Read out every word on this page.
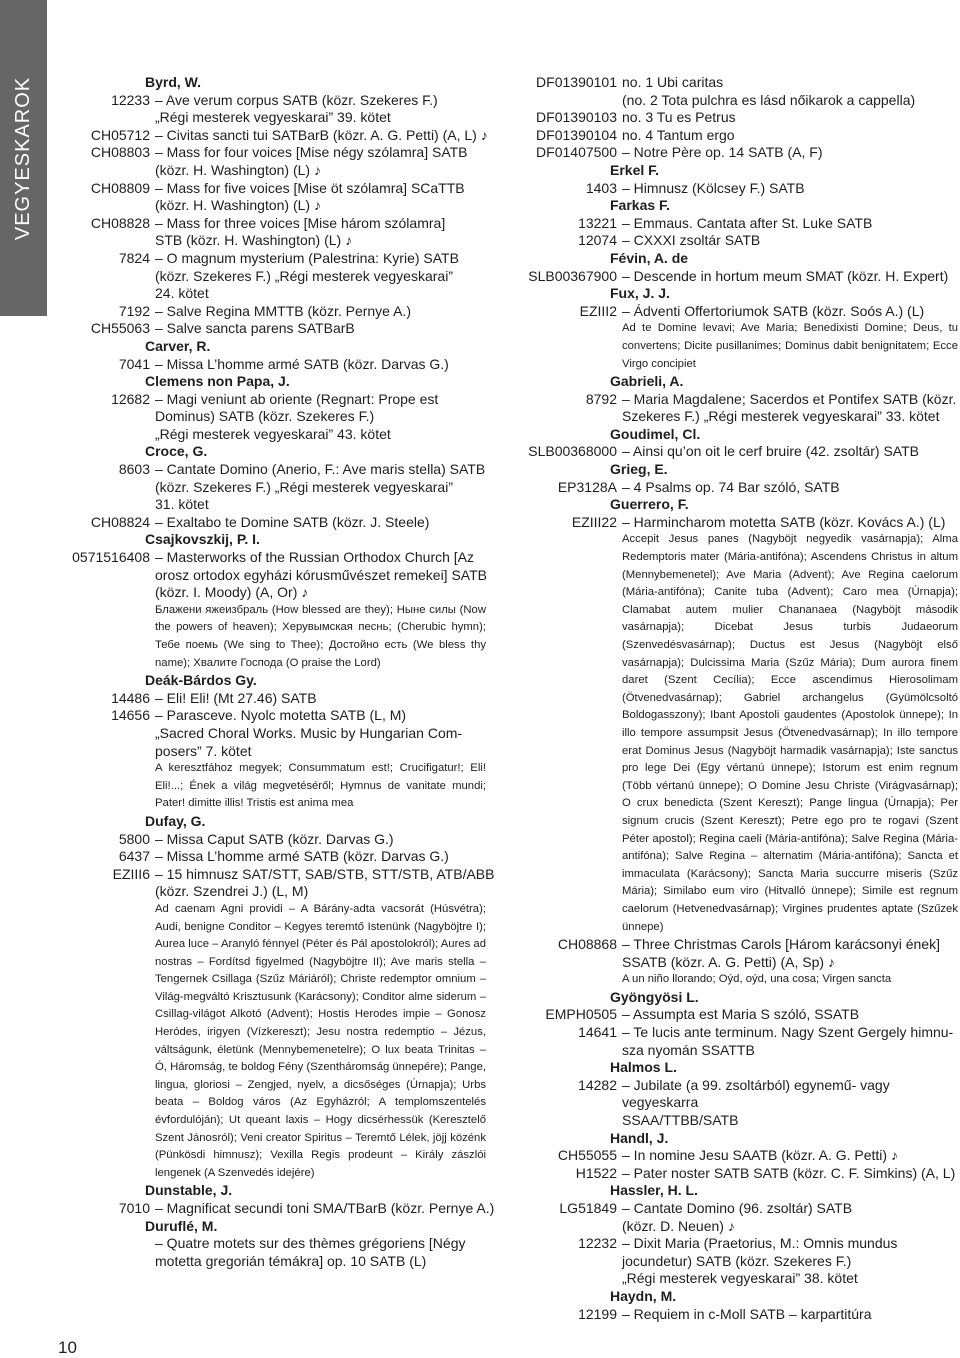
VEGYESKAROK	Byrd, W.
12233 – Ave verum corpus SATB (közr. Szekeres F.)
„Régi mesterek vegyeskarai” 39. kötet
CH05712 – Civitas sancti tui SATBarB (közr. A. G. Petti) (A, L) ♪
CH08803 – Mass for four voices [Mise négy szólamra] SATB
(közr. H. Washington) (L) ♪
CH08809 – Mass for five voices [Mise öt szólamra] SCaTTB
(közr. H. Washington) (L) ♪
CH08828 – Mass for three voices [Mise három szólamra]
STB (közr. H. Washington) (L) ♪
7824 – O magnum mysterium (Palestrina: Kyrie) SATB
(közr. Szekeres F.) „Régi mesterek vegyeskarai”
24. kötet
7192 – Salve Regina MMTTB (közr. Pernye A.)
CH55063 – Salve sancta parens SATBarB
Carver, R.
7041 – Missa L’homme armé SATB (közr. Darvas G.)
Clemens non Papa, J.
12682 – Magi veniunt ab oriente (Regnart: Prope est
Dominus) SATB (közr. Szekeres F.)
„Régi mesterek vegyeskarai” 43. kötet
Croce, G.
8603 – Cantate Domino (Anerio, F.: Ave maris stella) SATB
(közr. Szekeres F.) „Régi mesterek vegyeskarai”
31. kötet
CH08824 – Exaltabo te Domine SATB (közr. J. Steele)
Csajkovszkij, P. I.
0571516408 – Masterworks of the Russian Orthodox Church [Az
orosz ortodox egyházi kórusművészet remekei] SATB
(közr. I. Moody) (A, Or) ♪
Блажени яжеизбраль (How blessed are they); Ныне силы (Now the powers of heaven); Херувымская песнь; (Cherubic hymn); Тебе поемь (We sing to Thee); Достойно есть (We bless thy name); Хвалите Господа (O praise the Lord)
Deák-Bárdos Gy.
14486 – Eli! Eli! (Mt 27.46) SATB
14656 – Parasceve. Nyolc motetta SATB (L, M)
„Sacred Choral Works. Music by Hungarian Com-
posers” 7. kötet
A keresztfához megyek; Consummatum est!; Crucifigatur!; Eli! Eli!...; Ének a világ megvetéséről; Hymnus de vanitate mundi; Pater! dimitte illis! Tristis est anima mea
Dufay, G.
5800 – Missa Caput SATB (közr. Darvas G.)
6437 – Missa L’homme armé SATB (közr. Darvas G.)
EZIII6 – 15 himnusz SAT/STT, SAB/STB, STT/STB, ATB/ABB
(közr. Szendrei J.) (L, M)
Ad caenam Agni providi – A Bárány-adta vacsorát (Húsvétra); Audi, benigne Conditor – Kegyes teremtő Istenünk (Nagyböjtre I); Aurea luce – Aranyló fénnyel (Péter és Pál apostolokról); Aures ad nostras – Fordítsd figyelmed (Nagyböjtre II); Ave maris stella – Tengernek Csillaga (Szűz Máriáról); Christe redemptor omnium – Világ-megváltó Krisztusunk (Karácsony); Conditor alme siderum – Csillag-világot Alkotó (Advent); Hostis Herodes impie – Gonosz Heródes, irigyen (Vízkereszt); Jesu nostra redemptio – Jézus, váltságunk, életünk (Mennybemenetelre); O lux beata Trinitas – Ó, Háromság, te boldog Fény (Szentháromság ünnepére); Pange, lingua, gloriosi – Zengjed, nyelv, a dicsőséges (Úrnapja); Urbs beata – Boldog város (Az Egyházról; A templomszentelés évfordulóján); Ut queant laxis – Hogy dicsérhessük (Keresztelő Szent Jánosról); Veni creator Spiritus – Teremtő Lélek, jöjj közénk (Pünkösdi himnusz); Vexilla Regis prodeunt – Király zászlói lengenek (A Szenvedés idejére)
Dunstable, J.
7010 – Magnificat secundi toni SMA/TBarB (közr. Pernye A.)
Duruflé, M.
– Quatre motets sur des thèmes grégoriens [Négy
motetta gregorián témákra] op. 10 SATB (L)
DF01390101 no. 1 Ubi caritas
(no. 2 Tota pulchra es lásd nőikarok a cappella)
DF01390103 no. 3 Tu es Petrus
DF01390104 no. 4 Tantum ergo
DF01407500 – Notre Père op. 14 SATB (A, F)
Erkel F.
1403 – Himnusz (Kölcsey F.) SATB
Farkas F.
13221 – Emmaus. Cantata after St. Luke SATB
12074 – CXXXI zsoltár SATB
Févin, A. de
SLB00367900 – Descende in hortum meum SMAT (közr. H. Expert)
Fux, J. J.
EZIII2 – Ádventi Offertoriumok SATB (közr. Soós A.) (L)
Ad te Domine levavi; Ave Maria; Benedixisti Domine; Deus, tu convertens; Dicite pusillanimes; Dominus dabit benignitatem; Ecce Virgo concipiet
Gabrieli, A.
8792 – Maria Magdalene; Sacerdos et Pontifex SATB (közr.
Szekeres F.) „Régi mesterek vegyeskarai” 33. kötet
Goudimel, Cl.
SLB00368000 – Ainsi qu’on oit le cerf bruire (42. zsoltár) SATB
Grieg, E.
EP3128A – 4 Psalms op. 74 Bar szóló, SATB
Guerrero, F.
EZIII22 – Harmincharom motetta SATB (közr. Kovács A.) (L)
Accepit Jesus panes (Nagyböjt negyedik vasárnapja); Alma Redemptoris mater (Mária-antifóna); Ascendens Christus in altum (Mennybemenetel); Ave Maria (Advent); Ave Regina caelorum (Mária-antifóna); Canite tuba (Advent); Caro mea (Úrnapja); Clamabat autem mulier Chananaea (Nagyböjt második vasárnapja); Dicebat Jesus turbis Judaeorum (Szenvedésvasárnap); Ductus est Jesus (Nagyböjt első vasárnapja); Dulcissima Maria (Szűz Mária); Dum aurora finem daret (Szent Cecília); Ecce ascendimus Hierosolimam (Ötvenedvasárnap); Gabriel archangelus (Gyümölcsoltó Boldogasszony); Ibant Apostoli gaudentes (Apostolok ünnepe); In illo tempore assumpsit Jesus (Ötvenedvasárnap); In illo tempore erat Dominus Jesus (Nagyböjt harmadik vasárnapja); Iste sanctus pro lege Dei (Egy vértanú ünnepe); Istorum est enim regnum (Több vértanú ünnepe); O Domine Jesu Christe (Virágvasárnap); O crux benedicta (Szent Kereszt); Pange lingua (Úrnapja); Per signum crucis (Szent Kereszt); Petre ego pro te rogavi (Szent Péter apostol); Regina caeli (Mária-antifóna); Salve Regina (Mária-antifóna); Salve Regina – alternatim (Mária-antifóna); Sancta et immaculata (Karácsony); Sancta Maria succurre miseris (Szűz Mária); Similabo eum viro (Hitvalló ünnepe); Simile est regnum caelorum (Hetvenedvasárnap); Virgines prudentes aptate (Szűzek ünnepe)
CH08868 – Three Christmas Carols [Három karácsonyi ének]
SSATB (közr. A. G. Petti) (A, Sp) ♪
A un niño llorando; Oýd, oýd, una cosa; Virgen sancta
Gyöngyösi L.
EMPH0505 – Assumpta est Maria S szóló, SSATB
14641 – Te lucis ante terminum. Nagy Szent Gergely himnu-
sza nyomán SSATTB
Halmos L.
14282 – Jubilate (a 99. zsoltárból) egynemű- vagy vegyeskarra
SSAA/TTBB/SATB
Handl, J.
CH55055 – In nomine Jesu SAATB (közr. A. G. Petti) ♪
H1522 – Pater noster SATB SATB (közr. C. F. Simkins) (A, L)
Hassler, H. L.
LG51849 – Cantate Domino (96. zsoltár) SATB
(közr. D. Neuen) ♪
12232 – Dixit Maria (Praetorius, M.: Omnis mundus
jocundetur) SATB (közr. Szekeres F.)
„Régi mesterek vegyeskarai” 38. kötet
Haydn, M.
12199 – Requiem in c-Moll SATB – karpartitúra
10
